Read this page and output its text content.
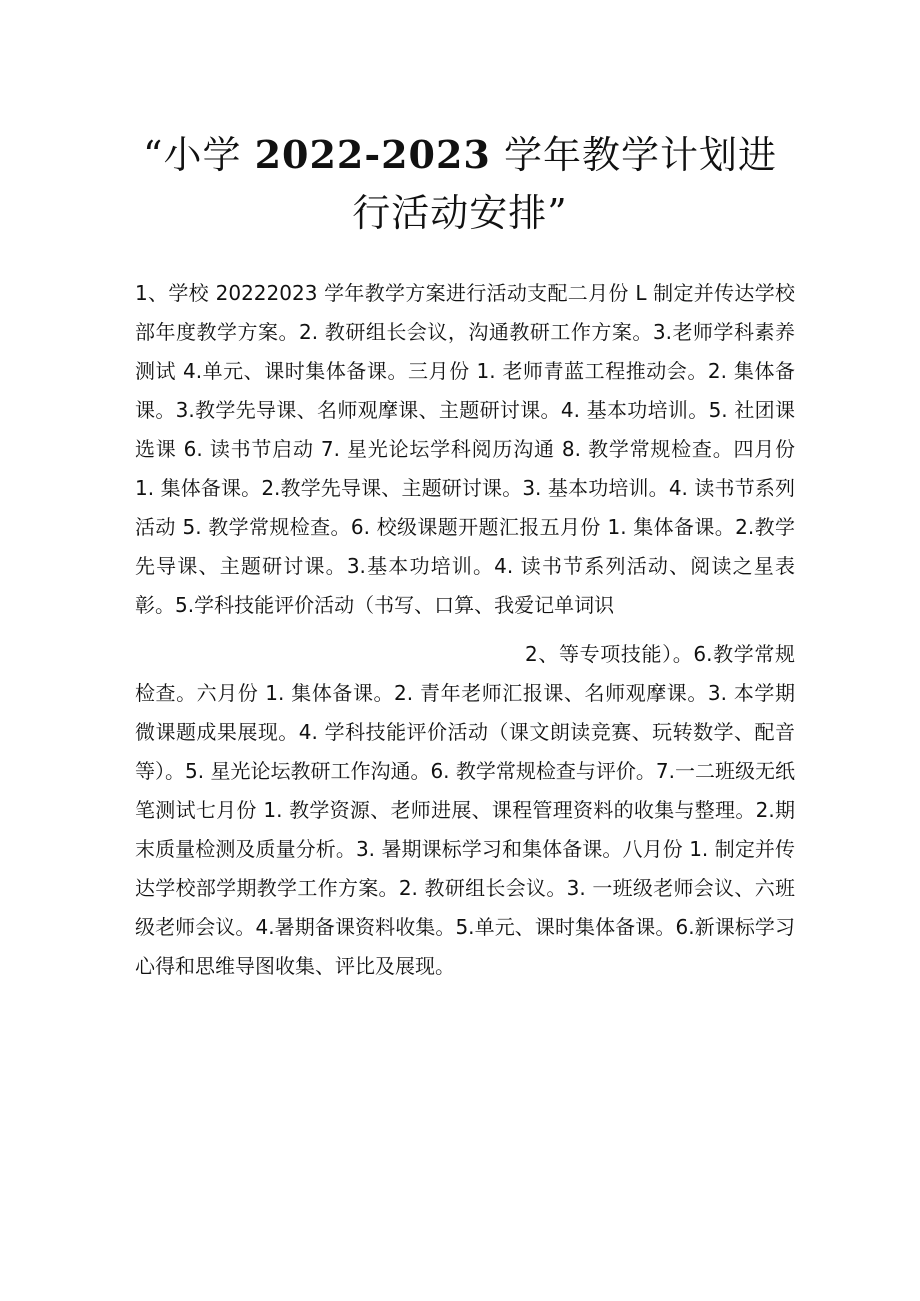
“小学 2022-2023 学年教学计划进行活动安排”

1、学校 20222023 学年教学方案进行活动支配二月份 L 制定并传达学校部年度教学方案。2. 教研组长会议，沟通教研工作方案。3.老师学科素养测试 4.单元、课时集体备课。三月份 1. 老师青蓝工程推动会。2. 集体备课。3.教学先导课、名师观摩课、主题研讨课。4. 基本功培训。5. 社团课选课 6. 读书节启动 7. 星光论坛学科阅历沟通 8. 教学常规检查。四月份 1. 集体备课。2.教学先导课、主题研讨课。3. 基本功培训。4. 读书节系列活动 5. 教学常规检查。6. 校级课题开题汇报五月份 1. 集体备课。2.教学先导课、主题研讨课。3.基本功培训。4. 读书节系列活动、阅读之星表彰。5.学科技能评价活动（书写、口算、我爱记单词识

2、等专项技能）。6.教学常规检查。六月份 1. 集体备课。2. 青年老师汇报课、名师观摩课。3. 本学期微课题成果展现。4. 学科技能评价活动（课文朗读竞赛、玩转数学、配音等）。5. 星光论坛教研工作沟通。6. 教学常规检查与评价。7.一二班级无纸笔测试七月份 1. 教学资源、老师进展、课程管理资料的收集与整理。2.期末质量检测及质量分析。3. 暑期课标学习和集体备课。八月份 1. 制定并传达学校部学期教学工作方案。2. 教研组长会议。3. 一班级老师会议、六班级老师会议。4.暑期备课资料收集。5.单元、课时集体备课。6.新课标学习心得和思维导图收集、评比及展现。
